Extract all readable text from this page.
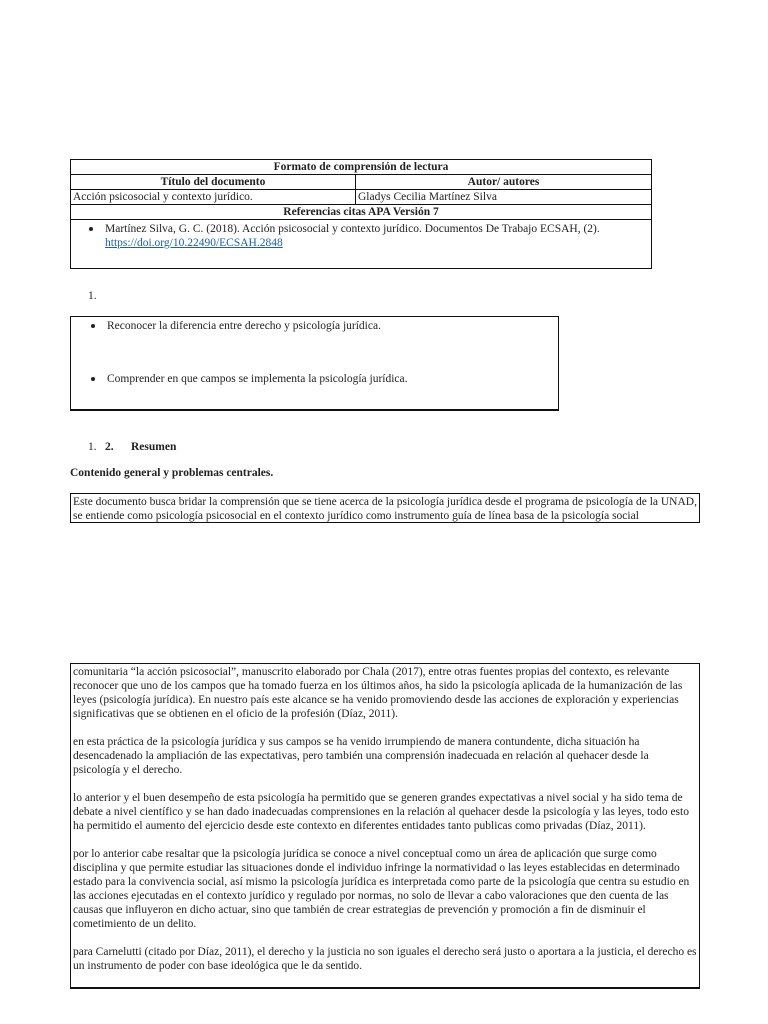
Formato de comprensión de lectura	
Título del documento	Autor/ autores
Acción psicosocial y contexto jurídico.	Gladys Cecilia Martínez Silva
Referencias citas APA Versión 7	

Martínez Silva, G. C. (2018). Acción psicosocial y contexto jurídico. Documentos De Trabajo ECSAH, (2). https://doi.org/10.22490/ECSAH.2848	
1.
Reconocer la diferencia entre derecho y psicología jurídica.
Comprender en que campos se implementa la psicología jurídica.
1. 2. Resumen
Contenido general y problemas centrales.
Este documento busca bridar la comprensión que se tiene acerca de la psicología jurídica desde el programa de psicología de la UNAD, se entiende como psicología psicosocial en el contexto jurídico como instrumento guía de línea basa de la psicología social

comunitaria “la acción psicosocial”, manuscrito elaborado por Chala (2017), entre otras fuentes propias del contexto, es relevante reconocer que uno de los campos que ha tomado fuerza en los últimos años, ha sido la psicología aplicada de la humanización de las leyes (psicología jurídica). En nuestro país este alcance se ha venido promoviendo desde las acciones de exploración y experiencias significativas que se obtienen en el oficio de la profesión (Díaz, 2011).

en esta práctica de la psicología jurídica y sus campos se ha venido irrumpiendo de manera contundente, dicha situación ha desencadenado la ampliación de las expectativas, pero también una comprensión inadecuada en relación al quehacer desde la psicología y el derecho.

lo anterior y el buen desempeño de esta psicología ha permitido que se generen grandes expectativas a nivel social y ha sido tema de debate a nivel científico y se han dado inadecuadas comprensiones en la relación al quehacer desde la psicología y las leyes, todo esto ha permitido el aumento del ejercicio desde este contexto en diferentes entidades tanto publicas como privadas (Díaz, 2011).

por lo anterior cabe resaltar que la psicología jurídica se conoce a nivel conceptual como un área de aplicación que surge como disciplina y que permite estudiar las situaciones donde el individuo infringe la normatividad o las leyes establecidas en determinado estado para la convivencia social, así mismo la psicología jurídica es interpretada como parte de la psicología que centra su estudio en las acciones ejecutadas en el contexto jurídico y regulado por normas, no solo de llevar a cabo valoraciones que den cuenta de las causas que influyeron en dicho actuar, sino que también de crear estrategias de prevención y promoción a fin de disminuir el cometimiento de un delito.

para Carnelutti (citado por Díaz, 2011), el derecho y la justicia no son iguales el derecho será justo o aportara a la justicia, el derecho es un instrumento de poder con base ideológica que le da sentido.
